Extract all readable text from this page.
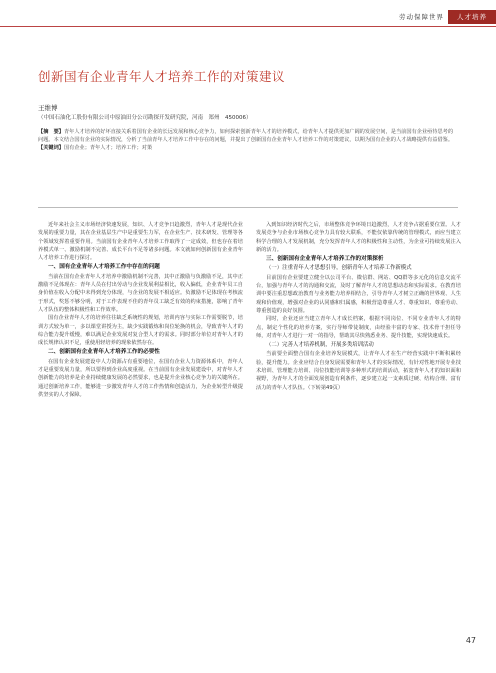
劳动保障世界	人才培养
创新国有企业青年人才培养工作的对策建议
王维博
（中国石油化工股份有限公司中原油田分公司勘探开发研究院，河南　郑州　450006）
【摘　要】青年人才培养的好坏直接关系着国有企业的长远发展和核心竞争力，如何探索创新青年人才的培养模式，给青年人才提供更加广阔的发展空间，是当前国有企业亟待思考的问题。本文结合国有企业的实际情况，分析了当前青年人才培养工作中存在的问题，并提出了创新国有企业青年人才培养工作的对策建议，以期为国有企业的人才战略提供有益借鉴。
【关键词】国有企业；青年人才；培养工作；对策

近年来社会主义市场经济快速发展，知识、人才竞争日趋激烈，青年人才是现代企业发展的重要力量，其在企业基层生产中是重要生力军，在企业生产、技术研发、管理等各个领域发挥着重要作用。当前国有企业青年人才培养工作取得了一定成效，但也存在着培养模式单一、激励机制不完善、成长平台不足等诸多问题。本文就如何创新国有企业青年人才培养工作进行探讨。

一、国有企业青年人才培养工作中存在的问题

当前在国有企业青年人才培养中激励机制不完善，其中正激励与负激励不足，其中正激励不足体现在：青年人员在付出劳动与企业发展利益相比，收入偏低，企业青年员工自身价值在收入分配中未得到充分体现，与企业的发展不相适应。负激励不足体现在考核流于形式，奖惩不够分明，对于工作表现不佳的青年员工缺乏有效的约束措施，影响了青年人才队伍的整体积极性和工作效率。

国有企业青年人才的培养往往缺乏系统性的规划，培训内容与实际工作需要脱节，培训方式较为单一，多以课堂讲授为主，缺少实践锻炼和岗位轮换的机会，导致青年人才的综合能力提升缓慢，难以满足企业发展对复合型人才的需求。同时部分单位对青年人才的成长规律认识不足，重使用轻培养的现象依然存在。

二、创新国有企业青年人才培养工作的必要性

在国有企业发展建设中人力资源占有重要地位，在国有企业人力资源体系中，青年人才是重要发展力量，所以要得到企业高度重视。在当前国有企业发展建设中，对青年人才创新能力的培养是企业持续健康发展的必然要求，也是提升企业核心竞争力的关键所在。通过创新培养工作，能够进一步激发青年人才的工作热情和创造活力，为企业转型升级提供坚实的人才保障。

入到知识经济时代之后，市场整体竞争环境日趋激烈，人才竞争占据重要位置。人才发展竞争与企业市场核心竞争力具有较大联系，不能仅依靠传统的管理模式，而应当建立科学合理的人才发展机制，充分发挥青年人才的积极性和主动性，为企业可持续发展注入新的活力。

三、创新国有企业青年人才培养工作的对策探析
（一）注重青年人才思想引导，创新青年人才培养工作新模式

目前国有企业要建立健全以公司平台、微信群、网站、QQ群等多元化的信息交流平台，加强与青年人才的沟通和交流，及时了解青年人才的思想动态和实际需求。在教育培训中要注重思想政治教育与业务能力培养相结合，引导青年人才树立正确的世界观、人生观和价值观，增强对企业的认同感和归属感，积极营造尊重人才、尊重知识、尊重劳动、尊重创造的良好氛围。

同时，企业还应当建立青年人才成长档案，根据不同岗位、不同专业青年人才的特点，制定个性化的培养方案，实行导师带徒制度，由经验丰富的专家、技术骨干担任导师，对青年人才进行一对一的指导，帮助其尽快熟悉业务、提升技能，实现快速成长。

（二）完善人才培养机制，开展多类培训活动

当前要全面整合国有企业培养发展模式，让青年人才在生产经营实践中不断积累经验，提升能力。企业应结合自身发展需要和青年人才的实际情况，有针对性地开展专业技术培训、管理能力培训、岗位技能培训等多种形式的培训活动，拓宽青年人才的知识面和视野，为青年人才的全面发展创造有利条件，逐步建立起一支素质过硬、结构合理、富有活力的青年人才队伍。（下转第49页）

47
